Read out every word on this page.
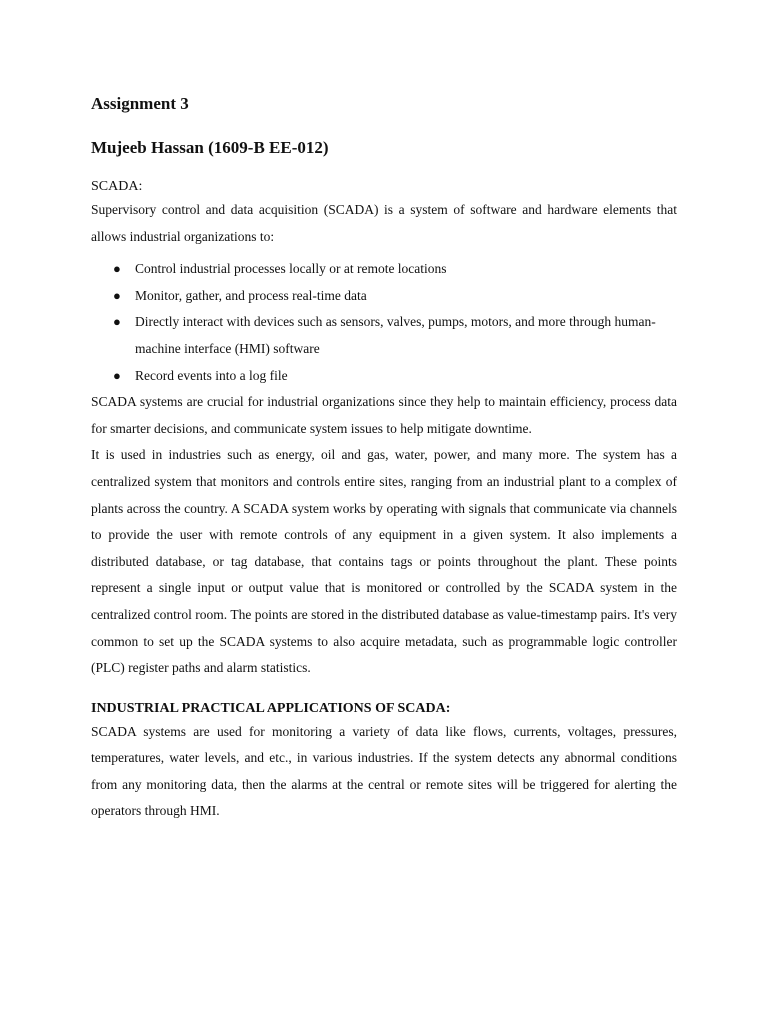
Assignment 3
Mujeeb Hassan (1609-B EE-012)
SCADA:

Supervisory control and data acquisition (SCADA) is a system of software and hardware elements that allows industrial organizations to:

● Control industrial processes locally or at remote locations
● Monitor, gather, and process real-time data
● Directly interact with devices such as sensors, valves, pumps, motors, and more through human-machine interface (HMI) software
● Record events into a log file

SCADA systems are crucial for industrial organizations since they help to maintain efficiency, process data for smarter decisions, and communicate system issues to help mitigate downtime.

It is used in industries such as energy, oil and gas, water, power, and many more. The system has a centralized system that monitors and controls entire sites, ranging from an industrial plant to a complex of plants across the country. A SCADA system works by operating with signals that communicate via channels to provide the user with remote controls of any equipment in a given system. It also implements a distributed database, or tag database, that contains tags or points throughout the plant. These points represent a single input or output value that is monitored or controlled by the SCADA system in the centralized control room. The points are stored in the distributed database as value-timestamp pairs. It's very common to set up the SCADA systems to also acquire metadata, such as programmable logic controller (PLC) register paths and alarm statistics.

INDUSTRIAL PRACTICAL APPLICATIONS OF SCADA:

SCADA systems are used for monitoring a variety of data like flows, currents, voltages, pressures, temperatures, water levels, and etc., in various industries. If the system detects any abnormal conditions from any monitoring data, then the alarms at the central or remote sites will be triggered for alerting the operators through HMI.
